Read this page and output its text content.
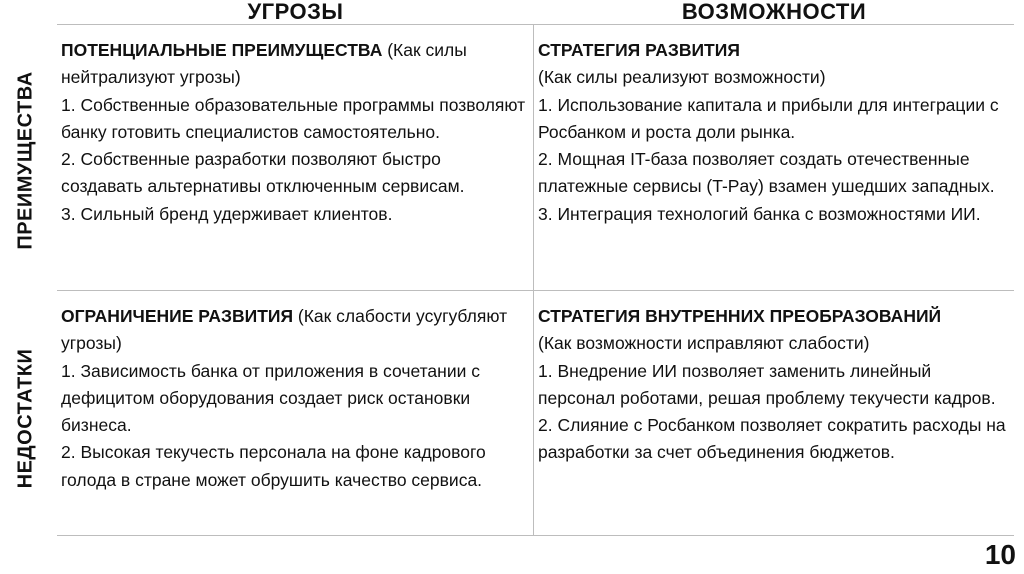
УГРОЗЫ	ВОЗМОЖНОСТИ
ПРЕИМУЩЕСТВА
НЕДОСТАТКИ
ПОТЕНЦИАЛЬНЫЕ ПРЕИМУЩЕСТВА (Как силы нейтрализуют угрозы)
1. Собственные образовательные программы позволяют банку готовить специалистов самостоятельно.
2. Собственные разработки позволяют быстро создавать альтернативы отключенным сервисам.
3. Сильный бренд удерживает клиентов.
СТРАТЕГИЯ РАЗВИТИЯ
(Как силы реализуют возможности)
1. Использование капитала и прибыли для интеграции с Росбанком и роста доли рынка.
2. Мощная IT-база позволяет создать отечественные платежные сервисы (T-Pay) взамен ушедших западных.
3. Интеграция технологий банка с возможностями ИИ.
ОГРАНИЧЕНИЕ РАЗВИТИЯ (Как слабости усугубляют угрозы)
1. Зависимость банка от приложения в сочетании с дефицитом оборудования создает риск остановки бизнеса.
2. Высокая текучесть персонала на фоне кадрового голода в стране может обрушить качество сервиса.
СТРАТЕГИЯ ВНУТРЕННИХ ПРЕОБРАЗОВАНИЙ
(Как возможности исправляют слабости)
1. Внедрение ИИ позволяет заменить линейный персонал роботами, решая проблему текучести кадров.
2. Слияние с Росбанком позволяет сократить расходы на разработки за счет объединения бюджетов.
10
